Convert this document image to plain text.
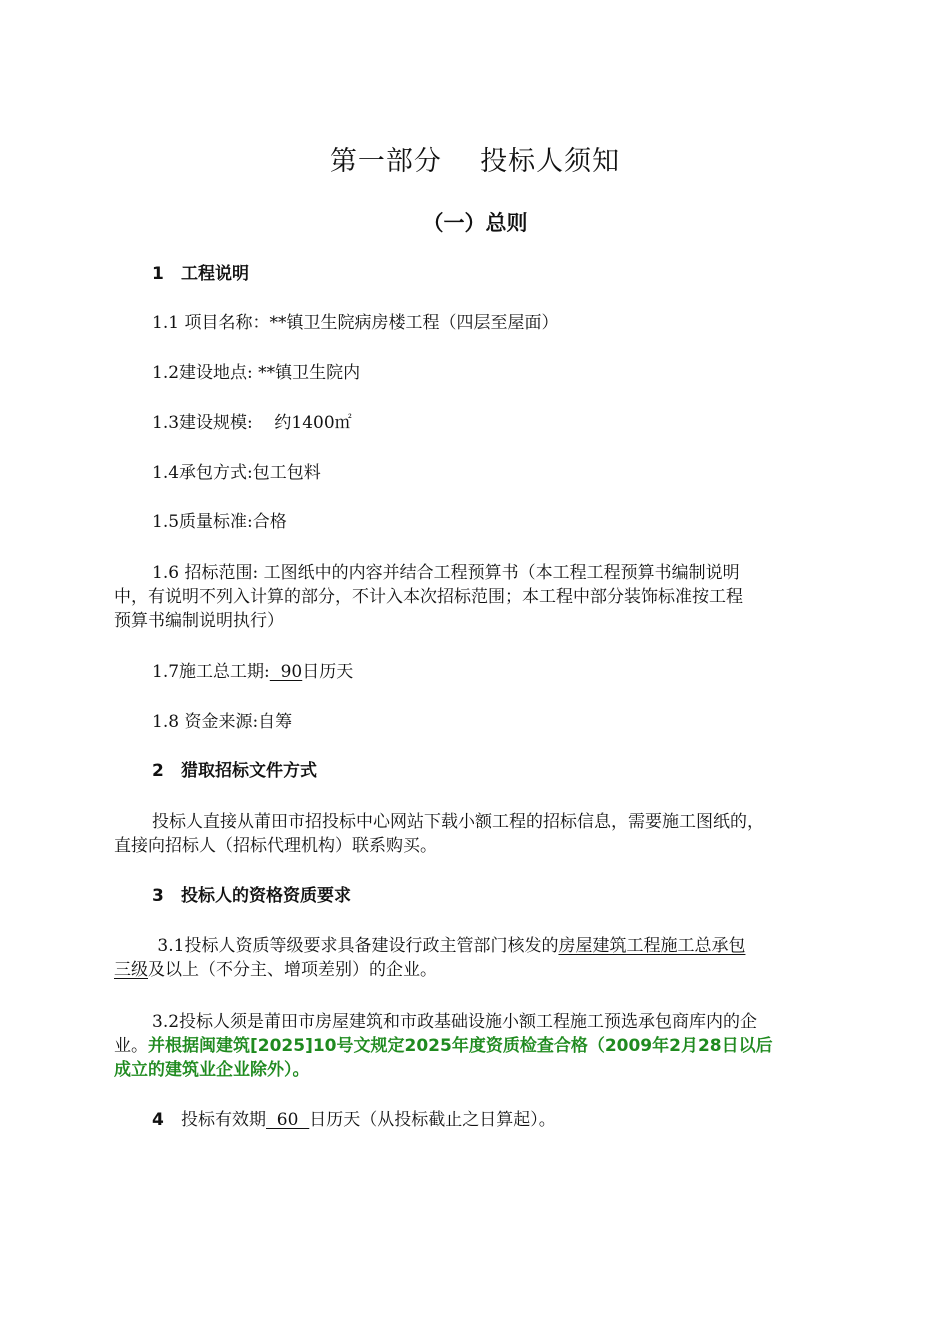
第一部分    投标人须知
（一）总则
1 工程说明
1.1 项目名称：**镇卫生院病房楼工程（四层至屋面）
1.2建设地点: **镇卫生院内
1.3建设规模:    约1400㎡
1.4承包方式:包工包料
1.5质量标准:合格
1.6 招标范围: 工图纸中的内容并结合工程预算书（本工程工程预算书编制说明
中，有说明不列入计算的部分，不计入本次招标范围；本工程中部分装饰标准按工程
预算书编制说明执行）
1.7施工总工期:  90日历天
1.8 资金来源:自筹
2 猎取招标文件方式
投标人直接从莆田市招投标中心网站下载小额工程的招标信息，需要施工图纸的，
直接向招标人（招标代理机构）联系购买。
3 投标人的资格资质要求
3.1投标人资质等级要求具备建设行政主管部门核发的房屋建筑工程施工总承包
三级及以上（不分主、增项差别）的企业。
3.2投标人须是莆田市房屋建筑和市政基础设施小额工程施工预选承包商库内的企
业。并根据闽建筑[2025]10号文规定2025年度资质检查合格（2009年2月28日以后
成立的建筑业企业除外）。
4 投标有效期  60  日历天（从投标截止之日算起）。
